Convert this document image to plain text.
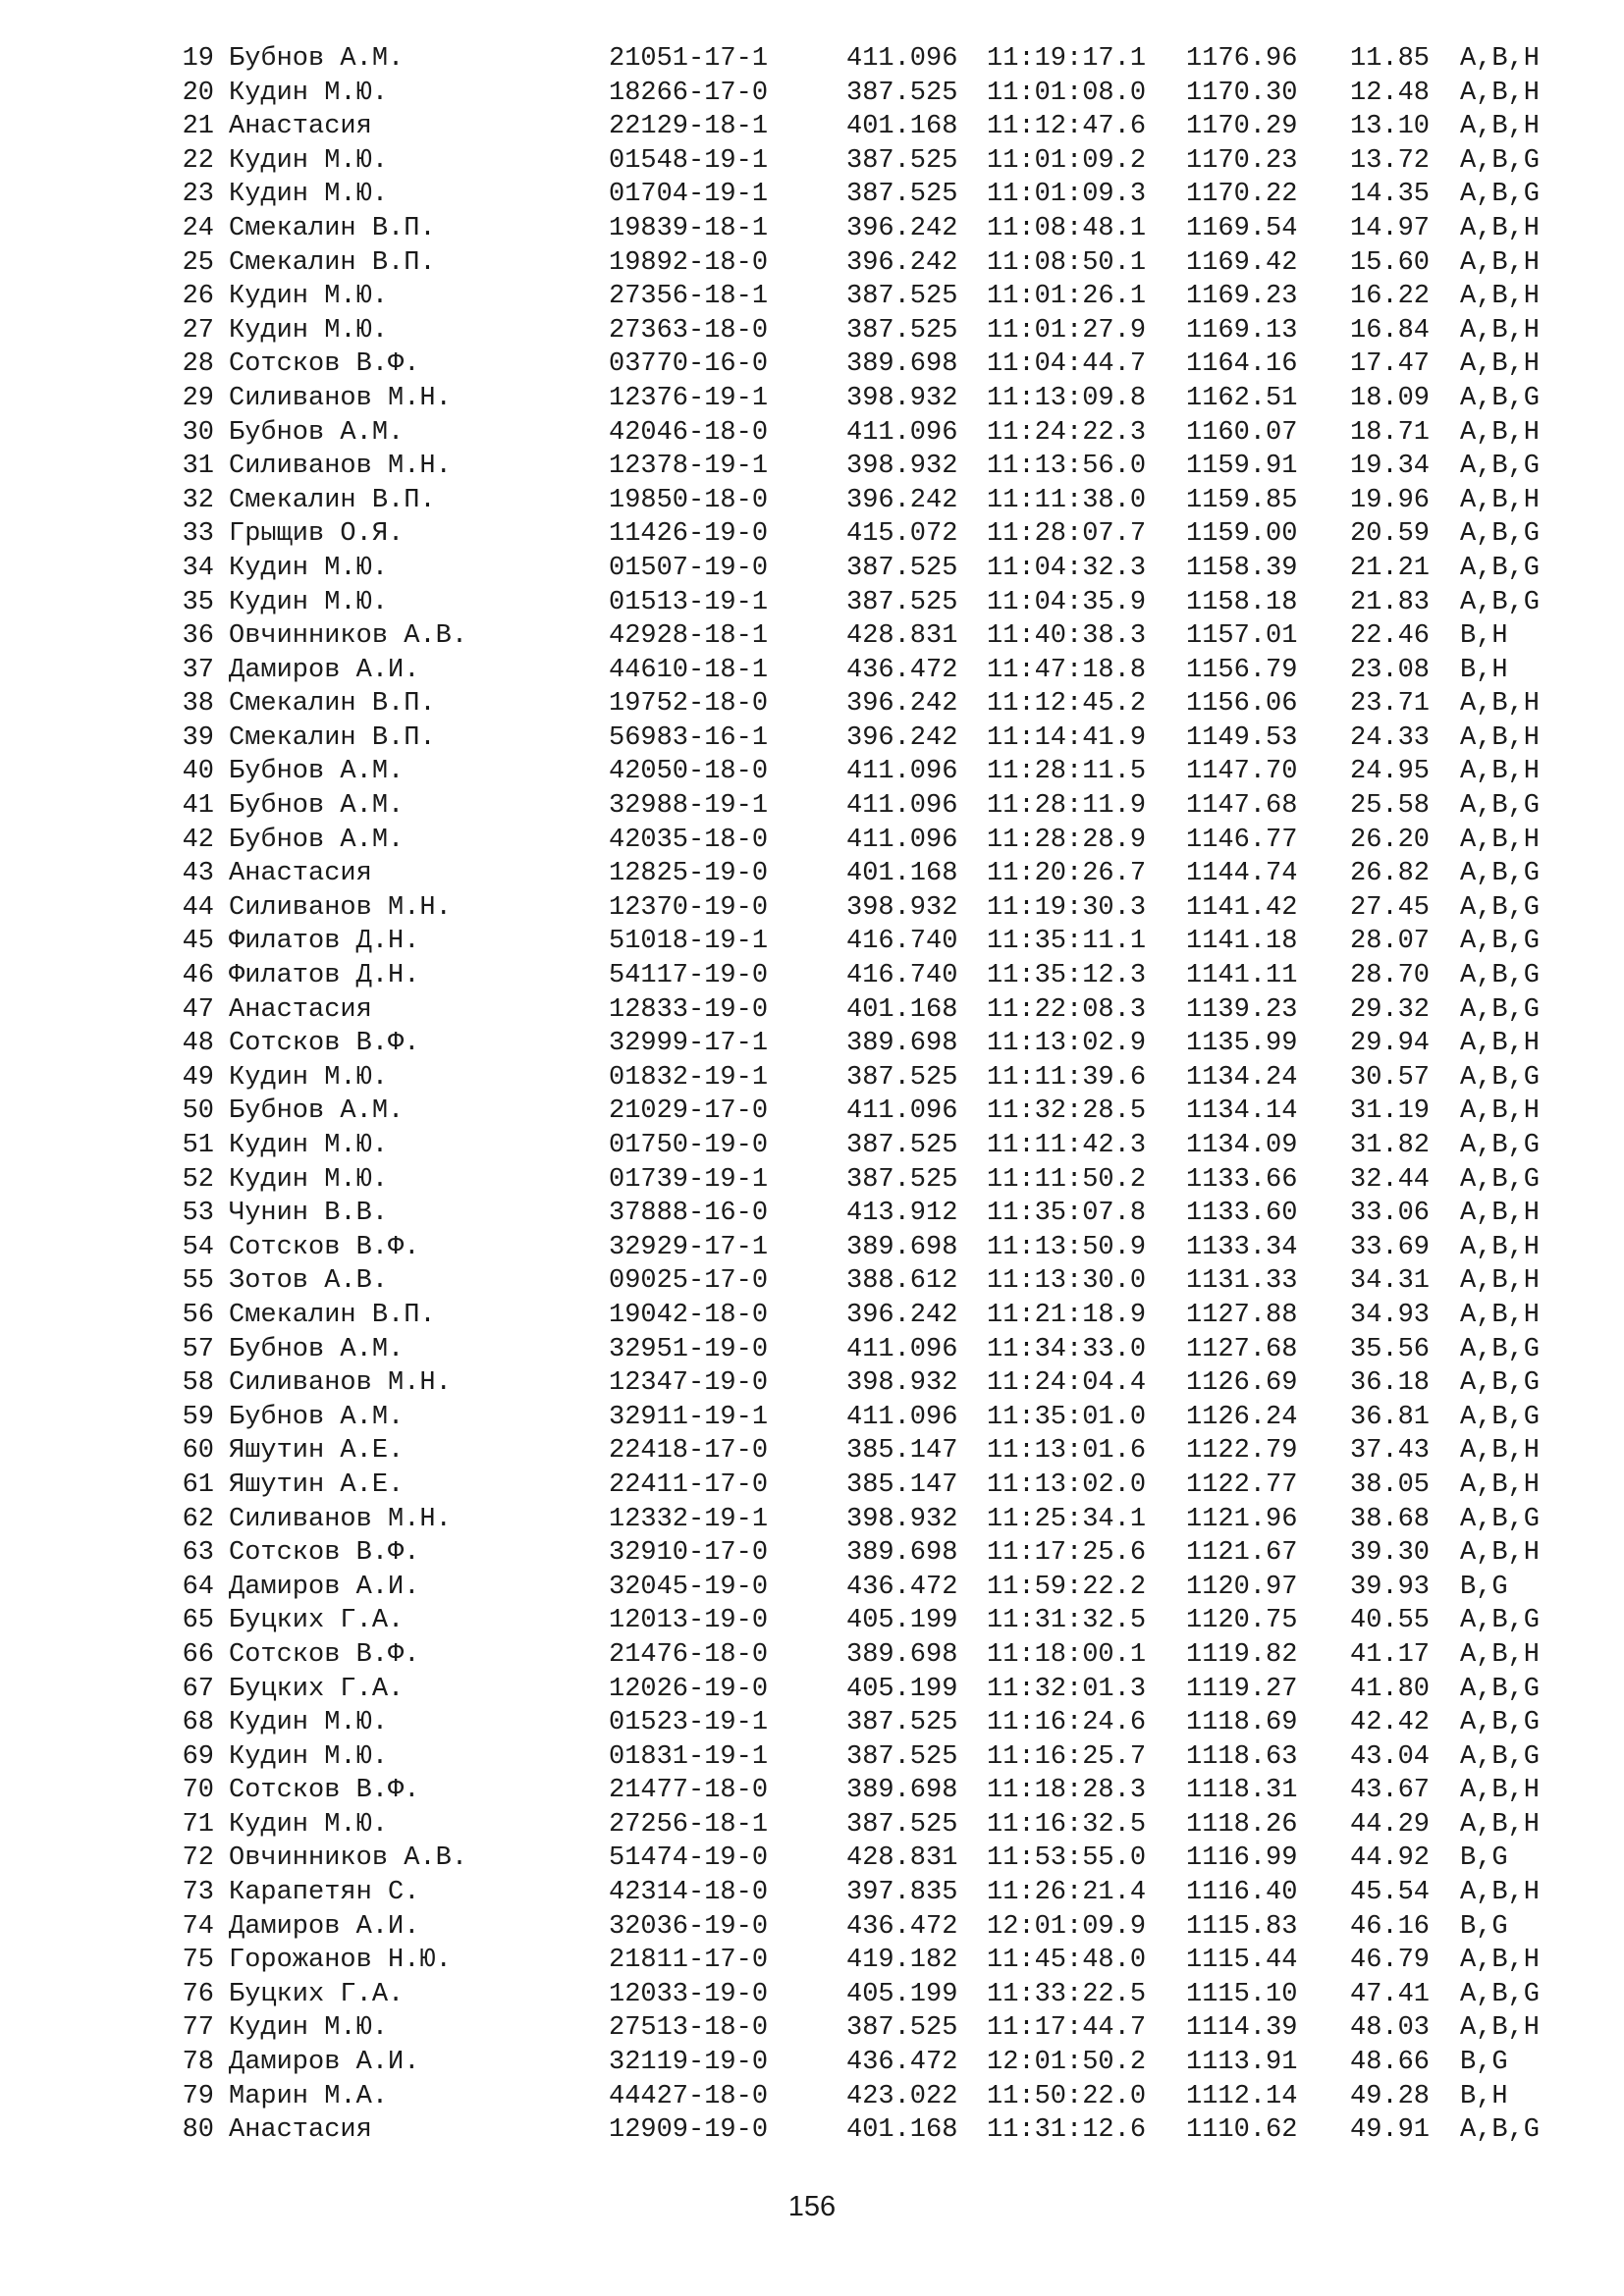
19 Бубнов А.М.	21051-17-1	411.096 11:19:17.1 1176.96 11.85 A,B,H
20 Кудин М.Ю.	18266-17-0	387.525 11:01:08.0 1170.30 12.48 A,B,H
21 Анастасия	22129-18-1	401.168 11:12:47.6 1170.29 13.10 A,B,H
22 Кудин М.Ю.	01548-19-1	387.525 11:01:09.2 1170.23 13.72 A,B,G
23 Кудин М.Ю.	01704-19-1	387.525 11:01:09.3 1170.22 14.35 A,B,G
24 Смекалин В.П.	19839-18-1	396.242 11:08:48.1 1169.54 14.97 A,B,H
25 Смекалин В.П.	19892-18-0	396.242 11:08:50.1 1169.42 15.60 A,B,H
26 Кудин М.Ю.	27356-18-1	387.525 11:01:26.1 1169.23 16.22 A,B,H
27 Кудин М.Ю.	27363-18-0	387.525 11:01:27.9 1169.13 16.84 A,B,H
28 Сотсков В.Ф.	03770-16-0	389.698 11:04:44.7 1164.16 17.47 A,B,H
29 Силиванов М.Н.	12376-19-1	398.932 11:13:09.8 1162.51 18.09 A,B,G
30 Бубнов А.М.	42046-18-0	411.096 11:24:22.3 1160.07 18.71 A,B,H
31 Силиванов М.Н.	12378-19-1	398.932 11:13:56.0 1159.91 19.34 A,B,G
32 Смекалин В.П.	19850-18-0	396.242 11:11:38.0 1159.85 19.96 A,B,H
33 Грыщив О.Я.	11426-19-0	415.072 11:28:07.7 1159.00 20.59 A,B,G
34 Кудин М.Ю.	01507-19-0	387.525 11:04:32.3 1158.39 21.21 A,B,G
35 Кудин М.Ю.	01513-19-1	387.525 11:04:35.9 1158.18 21.83 A,B,G
36 Овчинников А.В.	42928-18-1	428.831 11:40:38.3 1157.01 22.46 B,H
37 Дамиров А.И.	44610-18-1	436.472 11:47:18.8 1156.79 23.08 B,H
38 Смекалин В.П.	19752-18-0	396.242 11:12:45.2 1156.06 23.71 A,B,H
39 Смекалин В.П.	56983-16-1	396.242 11:14:41.9 1149.53 24.33 A,B,H
40 Бубнов А.М.	42050-18-0	411.096 11:28:11.5 1147.70 24.95 A,B,H
41 Бубнов А.М.	32988-19-1	411.096 11:28:11.9 1147.68 25.58 A,B,G
42 Бубнов А.М.	42035-18-0	411.096 11:28:28.9 1146.77 26.20 A,B,H
43 Анастасия	12825-19-0	401.168 11:20:26.7 1144.74 26.82 A,B,G
44 Силиванов М.Н.	12370-19-0	398.932 11:19:30.3 1141.42 27.45 A,B,G
45 Филатов Д.Н.	51018-19-1	416.740 11:35:11.1 1141.18 28.07 A,B,G
46 Филатов Д.Н.	54117-19-0	416.740 11:35:12.3 1141.11 28.70 A,B,G
47 Анастасия	12833-19-0	401.168 11:22:08.3 1139.23 29.32 A,B,G
48 Сотсков В.Ф.	32999-17-1	389.698 11:13:02.9 1135.99 29.94 A,B,H
49 Кудин М.Ю.	01832-19-1	387.525 11:11:39.6 1134.24 30.57 A,B,G
50 Бубнов А.М.	21029-17-0	411.096 11:32:28.5 1134.14 31.19 A,B,H
51 Кудин М.Ю.	01750-19-0	387.525 11:11:42.3 1134.09 31.82 A,B,G
52 Кудин М.Ю.	01739-19-1	387.525 11:11:50.2 1133.66 32.44 A,B,G
53 Чунин В.В.	37888-16-0	413.912 11:35:07.8 1133.60 33.06 A,B,H
54 Сотсков В.Ф.	32929-17-1	389.698 11:13:50.9 1133.34 33.69 A,B,H
55 Зотов А.В.	09025-17-0	388.612 11:13:30.0 1131.33 34.31 A,B,H
56 Смекалин В.П.	19042-18-0	396.242 11:21:18.9 1127.88 34.93 A,B,H
57 Бубнов А.М.	32951-19-0	411.096 11:34:33.0 1127.68 35.56 A,B,G
58 Силиванов М.Н.	12347-19-0	398.932 11:24:04.4 1126.69 36.18 A,B,G
59 Бубнов А.М.	32911-19-1	411.096 11:35:01.0 1126.24 36.81 A,B,G
60 Яшутин А.Е.	22418-17-0	385.147 11:13:01.6 1122.79 37.43 A,B,H
61 Яшутин А.Е.	22411-17-0	385.147 11:13:02.0 1122.77 38.05 A,B,H
62 Силиванов М.Н.	12332-19-1	398.932 11:25:34.1 1121.96 38.68 A,B,G
63 Сотсков В.Ф.	32910-17-0	389.698 11:17:25.6 1121.67 39.30 A,B,H
64 Дамиров А.И.	32045-19-0	436.472 11:59:22.2 1120.97 39.93 B,G
65 Буцких Г.А.	12013-19-0	405.199 11:31:32.5 1120.75 40.55 A,B,G
66 Сотсков В.Ф.	21476-18-0	389.698 11:18:00.1 1119.82 41.17 A,B,H
67 Буцких Г.А.	12026-19-0	405.199 11:32:01.3 1119.27 41.80 A,B,G
68 Кудин М.Ю.	01523-19-1	387.525 11:16:24.6 1118.69 42.42 A,B,G
69 Кудин М.Ю.	01831-19-1	387.525 11:16:25.7 1118.63 43.04 A,B,G
70 Сотсков В.Ф.	21477-18-0	389.698 11:18:28.3 1118.31 43.67 A,B,H
71 Кудин М.Ю.	27256-18-1	387.525 11:16:32.5 1118.26 44.29 A,B,H
72 Овчинников А.В.	51474-19-0	428.831 11:53:55.0 1116.99 44.92 B,G
73 Карапетян С.	42314-18-0	397.835 11:26:21.4 1116.40 45.54 A,B,H
74 Дамиров А.И.	32036-19-0	436.472 12:01:09.9 1115.83 46.16 B,G
75 Горожанов Н.Ю.	21811-17-0	419.182 11:45:48.0 1115.44 46.79 A,B,H
76 Буцких Г.А.	12033-19-0	405.199 11:33:22.5 1115.10 47.41 A,B,G
77 Кудин М.Ю.	27513-18-0	387.525 11:17:44.7 1114.39 48.03 A,B,H
78 Дамиров А.И.	32119-19-0	436.472 12:01:50.2 1113.91 48.66 B,G
79 Марин М.А.	44427-18-0	423.022 11:50:22.0 1112.14 49.28 B,H
80 Анастасия	12909-19-0	401.168 11:31:12.6 1110.62 49.91 A,B,G
156
